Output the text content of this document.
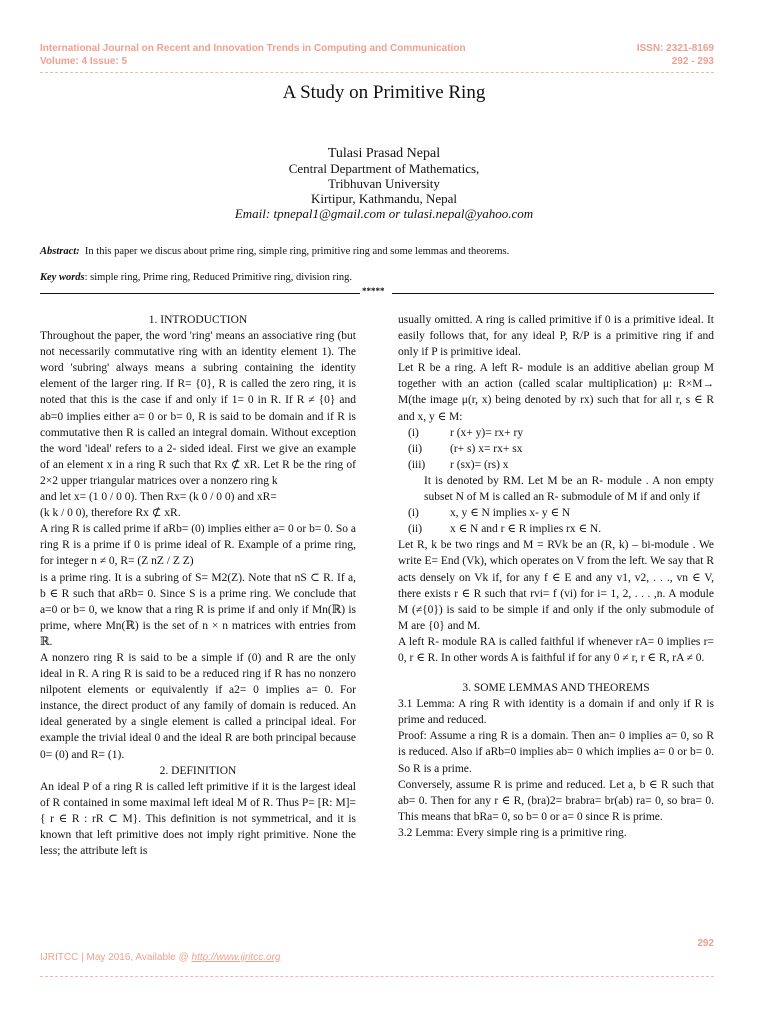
International Journal on Recent and Innovation Trends in Computing and Communication
Volume: 4 Issue: 5
ISSN: 2321-8169
292 - 293
A Study on Primitive Ring
Tulasi Prasad Nepal
Central Department of Mathematics,
Tribhuvan University
Kirtipur, Kathmandu, Nepal
Email: tpnepal1@gmail.com or tulasi.nepal@yahoo.com
Abstract: In this paper we discus about prime ring, simple ring, primitive ring and some lemmas and theorems.
Key words: simple ring, Prime ring, Reduced Primitive ring, division ring.
*****

1. INTRODUCTION

Throughout the paper, the word 'ring' means an associative ring (but not necessarily commutative ring with an identity element 1). The word 'subring' always means a subring containing the identity element of the larger ring. If R= {0}, R is called the zero ring, it is noted that this is the case if and only if 1= 0 in R. If R ≠ {0} and ab=0 implies either a= 0 or b= 0, R is said to be domain and if R is commutative then R is called an integral domain. Without exception the word 'ideal' refers to a 2- sided ideal. First we give an example of an element x in a ring R such that Rx ⊄ xR. Let R be the ring of 2×2 upper triangular matrices over a nonzero ring k

and let x= (1 0 / 0 0). Then Rx= (k 0 / 0 0) and xR=

(k k / 0 0), therefore Rx ⊄ xR.

A ring R is called prime if aRb= (0) implies either a= 0 or b= 0. So a ring R is a prime if 0 is prime ideal of R. Example of a prime ring, for integer n ≠ 0, R= (Z nZ / Z Z)

is a prime ring. It is a subring of S= M2(Z). Note that nS ⊂ R. If a, b ∈ R such that aRb= 0. Since S is a prime ring. We conclude that a=0 or b= 0, we know that a ring R is prime if and only if Mn(ℝ) is prime, where Mn(ℝ) is the set of n × n matrices with entries from ℝ.

A nonzero ring R is said to be a simple if (0) and R are the only ideal in R. A ring R is said to be a reduced ring if R has no nonzero nilpotent elements or equivalently if a2= 0 implies a= 0. For instance, the direct product of any family of domain is reduced. An ideal generated by a single element is called a principal ideal. For example the trivial ideal 0 and the ideal R are both principal because 0= (0) and R= (1).

2. DEFINITION

An ideal P of a ring R is called left primitive if it is the largest ideal of R contained in some maximal left ideal M of R. Thus P= [R: M]= { r ∈ R : rR ⊂ M}. This definition is not symmetrical, and it is known that left primitive does not imply right primitive. None the less; the attribute left is

usually omitted. A ring is called primitive if 0 is a primitive ideal. It easily follows that, for any ideal P, R/P is a primitive ring if and only if P is primitive ideal.

Let R be a ring. A left R- module is an additive abelian group M together with an action (called scalar multiplication) μ: R×M→ M(the image μ(r, x) being denoted by rx) such that for all r, s ∈ R and x, y ∈ M:

(i)	r (x+ y)= rx+ ry
(ii)	(r+ s) x= rx+ sx
(iii)	r (sx)= (rs) x

It is denoted by RM. Let M be an R- module . A non empty subset N of M is called an R- submodule of M if and only if

(i)	x, y ∈ N implies x- y ∈ N
(ii)	x ∈ N and r ∈ R implies rx ∈ N.

Let R, k be two rings and M = RVk be an (R, k) – bi-module . We write E= End (Vk), which operates on V from the left. We say that R acts densely on Vk if, for any f ∈ E and any v1, v2, . . ., vn ∈ V, there exists r ∈ R such that rvi= f (vi) for i= 1, 2, . . . ,n. A module M (≠{0}) is said to be simple if and only if the only submodule of M are {0} and M.

A left R- module RA is called faithful if whenever rA= 0 implies r= 0, r ∈ R. In other words A is faithful if for any 0 ≠ r, r ∈ R, rA ≠ 0.

3. SOME LEMMAS AND THEOREMS

3.1 Lemma: A ring R with identity is a domain if and only if R is prime and reduced.

Proof: Assume a ring R is a domain. Then an= 0 implies a= 0, so R is reduced. Also if aRb=0 implies ab= 0 which implies a= 0 or b= 0. So R is a prime.

Conversely, assume R is prime and reduced. Let a, b ∈ R such that ab= 0. Then for any r ∈ R, (bra)2= brabra= br(ab) ra= 0, so bra= 0. This means that bRa= 0, so b= 0 or a= 0 since R is prime.

3.2 Lemma: Every simple ring is a primitive ring.

292
IJRITCC | May 2016, Available @ http://www.ijritcc.org
